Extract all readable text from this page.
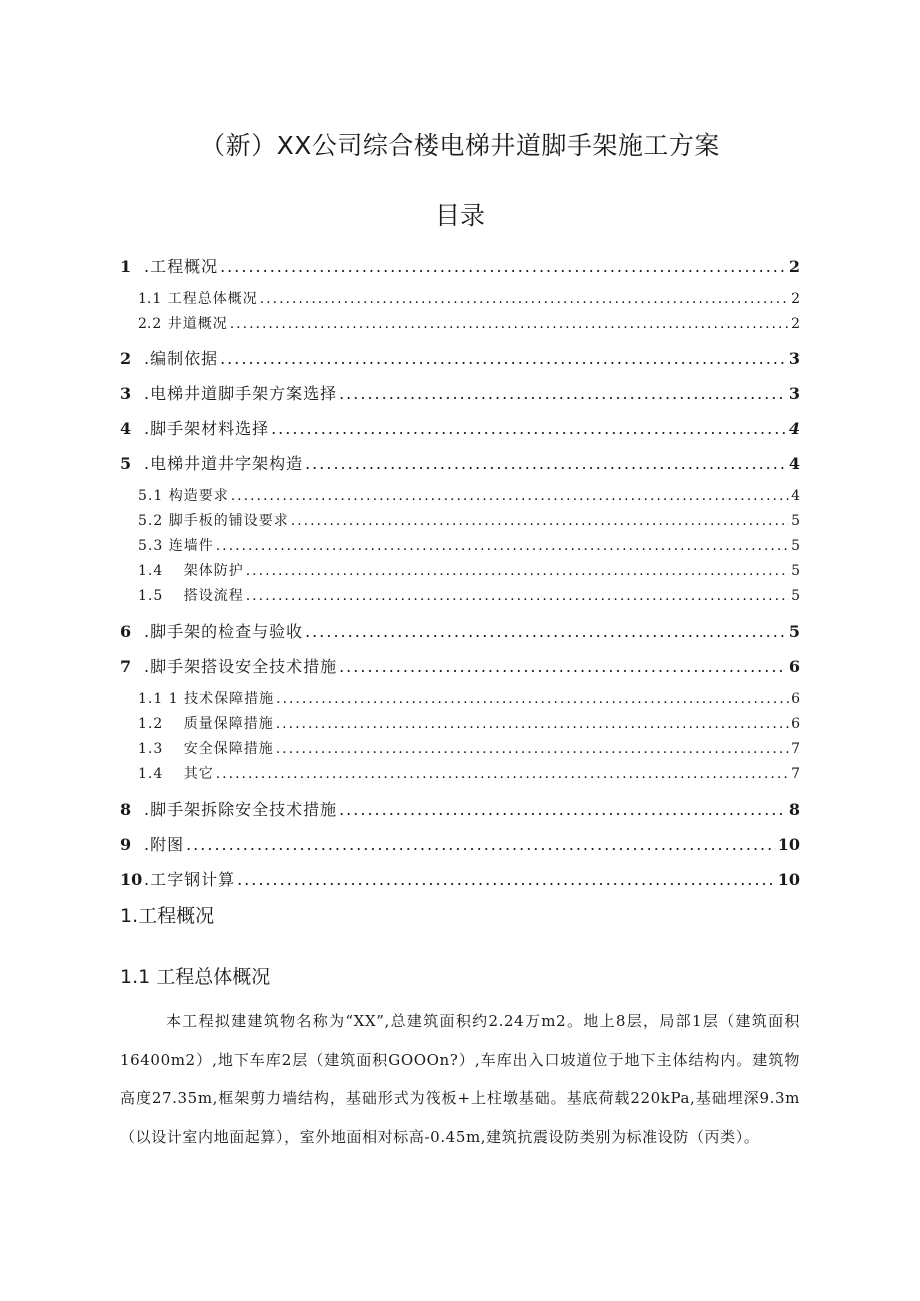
（新）XX公司综合楼电梯井道脚手架施工方案
目录
1 .工程概况 .....	2
1 .1 工程总体概况 .....	2
2 .2 井道概况 .....	2
2 .编制依据 .....	3
3 .电梯井道脚手架方案选择 .....	3
4 .脚手架材料选择 .....	4
5 .电梯井道井字架构造 .....	4
5.1 构造要求 .....	4
5.2 脚手板的铺设要求 .....	5
5.3 连墙件 .....	5
1.4 　架体防护 .....	5
1.5 　搭设流程 .....	5
6 .脚手架的检查与验收 .....	5
7 .脚手架搭设安全技术措施 .....	6
1.1 1 技术保障措施 .....	6
1.2 　质量保障措施 .....	6
1.3 　安全保障措施 .....	7
1.4 　其它 .....	7
8 .脚手架拆除安全技术措施 .....	8
9 .附图 .....	10
10 .工字钢计算 .....	10
1.工程概况
1.1 工程总体概况
本工程拟建建筑物名称为“XX”,总建筑面积约2.24万m2。地上8层，局部1层（建筑面积16400m2）,地下车库2层（建筑面积GOOOn?）,车库出入口坡道位于地下主体结构内。建筑物高度27.35m,框架剪力墙结构，基础形式为筏板+上柱墩基础。基底荷载220kPa,基础埋深9.3m（以设计室内地面起算），室外地面相对标高-0.45m,建筑抗震设防类别为标准设防（丙类）。
